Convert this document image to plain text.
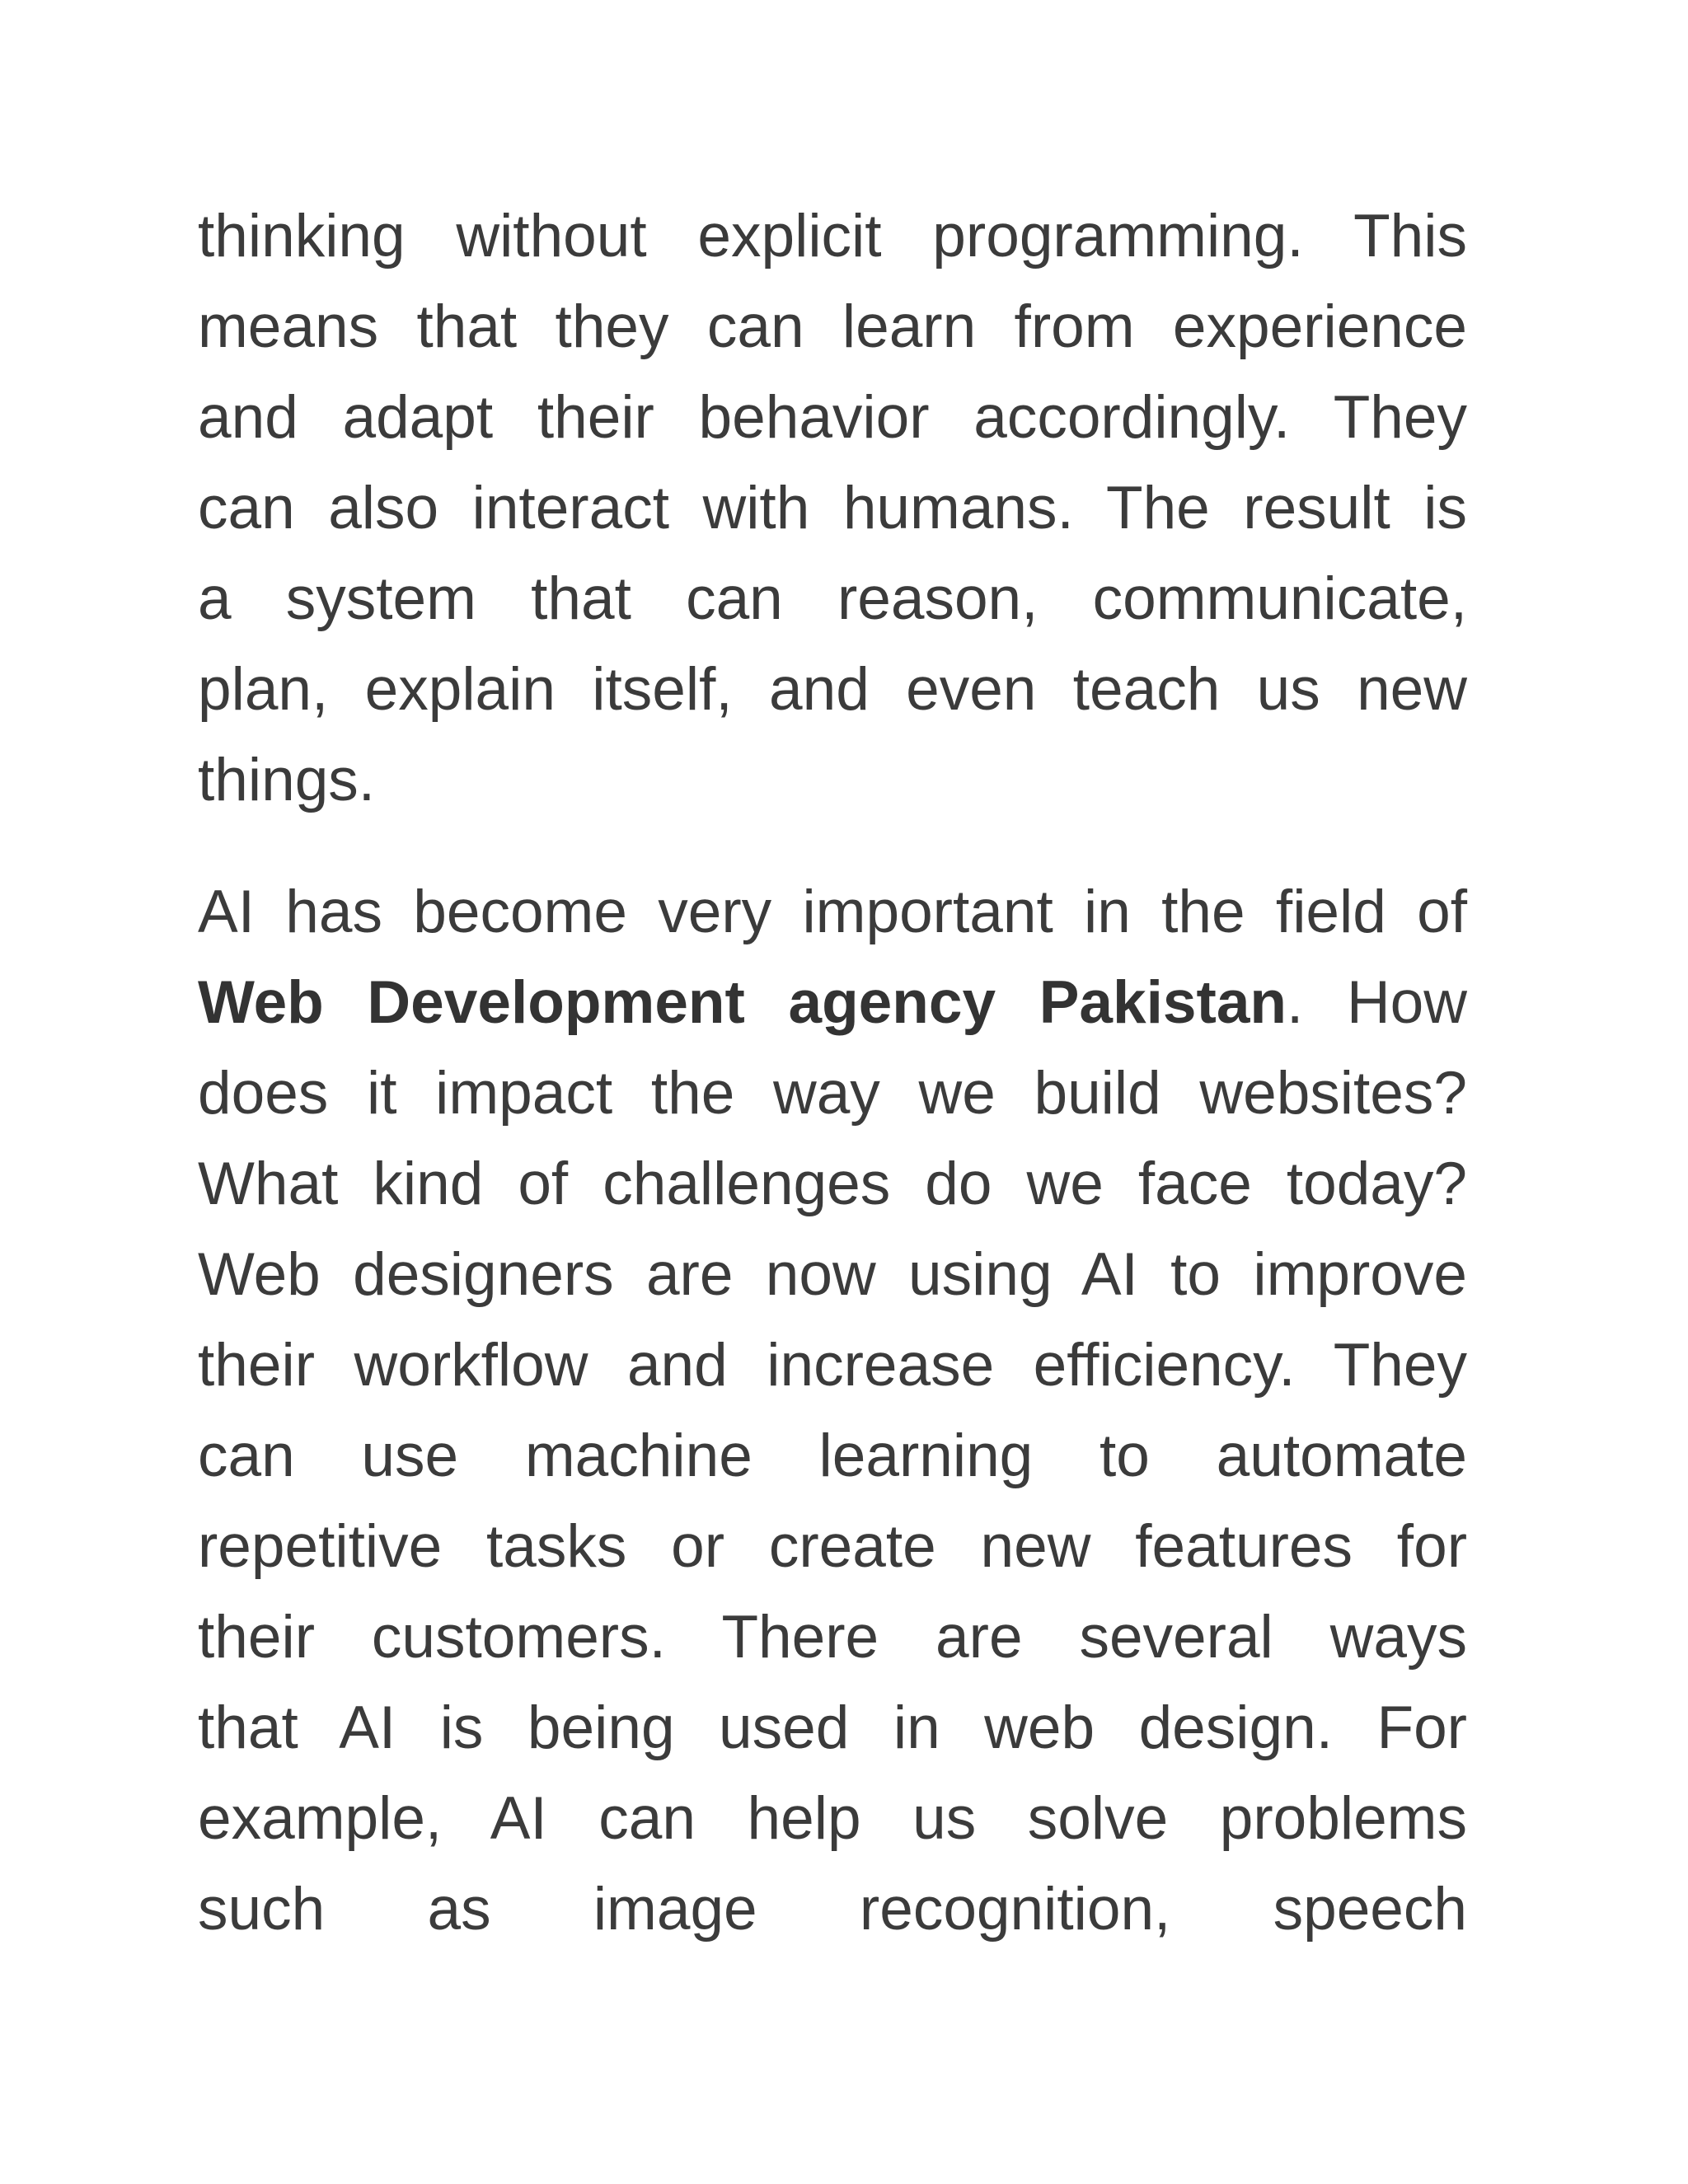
thinking without explicit programming. This
means that they can learn from experience
and adapt their behavior accordingly. They
can also interact with humans. The result is
a system that can reason, communicate,
plan, explain itself, and even teach us new
things.
AI has become very important in the field of
Web Development agency Pakistan. How
does it impact the way we build websites?
What kind of challenges do we face today?
Web designers are now using AI to improve
their workflow and increase efficiency. They
can use machine learning to automate
repetitive tasks or create new features for
their customers. There are several ways
that AI is being used in web design. For
example, AI can help us solve problems
such as image recognition, speech
